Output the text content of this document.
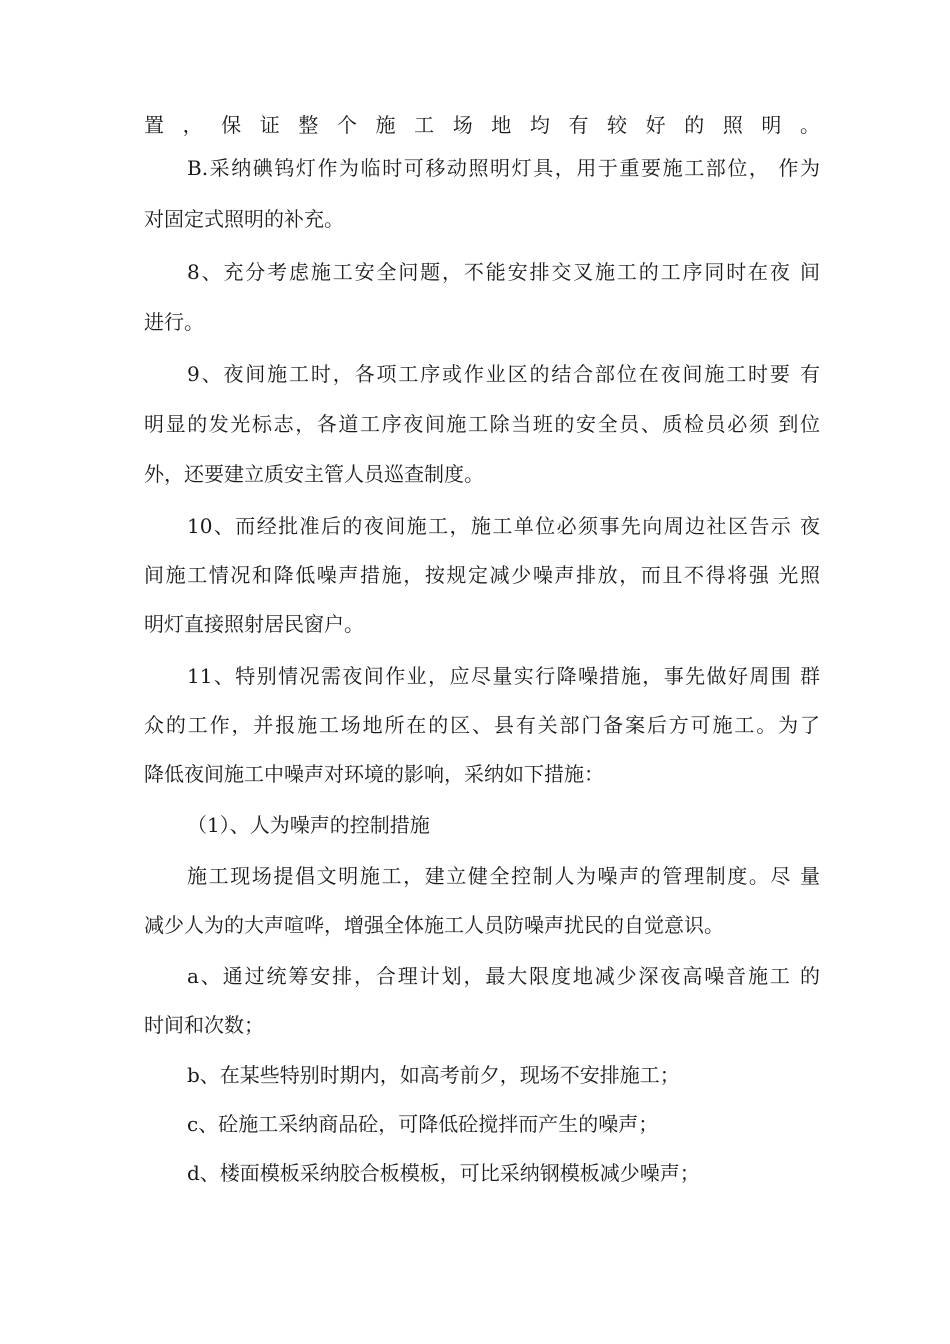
置，保证整个施工场地均有较好的照明。
B.采纳碘钨灯作为临时可移动照明灯具，用于重要施工部位， 作为
对固定式照明的补充。
8、充分考虑施工安全问题，不能安排交叉施工的工序同时在夜 间
进行。
9、夜间施工时，各项工序或作业区的结合部位在夜间施工时要 有
明显的发光标志，各道工序夜间施工除当班的安全员、质检员必须 到位
外，还要建立质安主管人员巡查制度。
10、而经批准后的夜间施工，施工单位必须事先向周边社区告示 夜
间施工情况和降低噪声措施，按规定减少噪声排放，而且不得将强 光照
明灯直接照射居民窗户。
11、特别情况需夜间作业，应尽量实行降噪措施，事先做好周围 群
众的工作，并报施工场地所在的区、县有关部门备案后方可施工。为了
降低夜间施工中噪声对环境的影响，采纳如下措施：
（1）、人为噪声的控制措施
施工现场提倡文明施工，建立健全控制人为噪声的管理制度。尽 量
减少人为的大声喧哗，增强全体施工人员防噪声扰民的自觉意识。
a、通过统筹安排，合理计划，最大限度地减少深夜高噪音施工 的
时间和次数；
b、在某些特别时期内，如高考前夕，现场不安排施工；
c、砼施工采纳商品砼，可降低砼搅拌而产生的噪声；
d、楼面模板采纳胶合板模板，可比采纳钢模板减少噪声；
